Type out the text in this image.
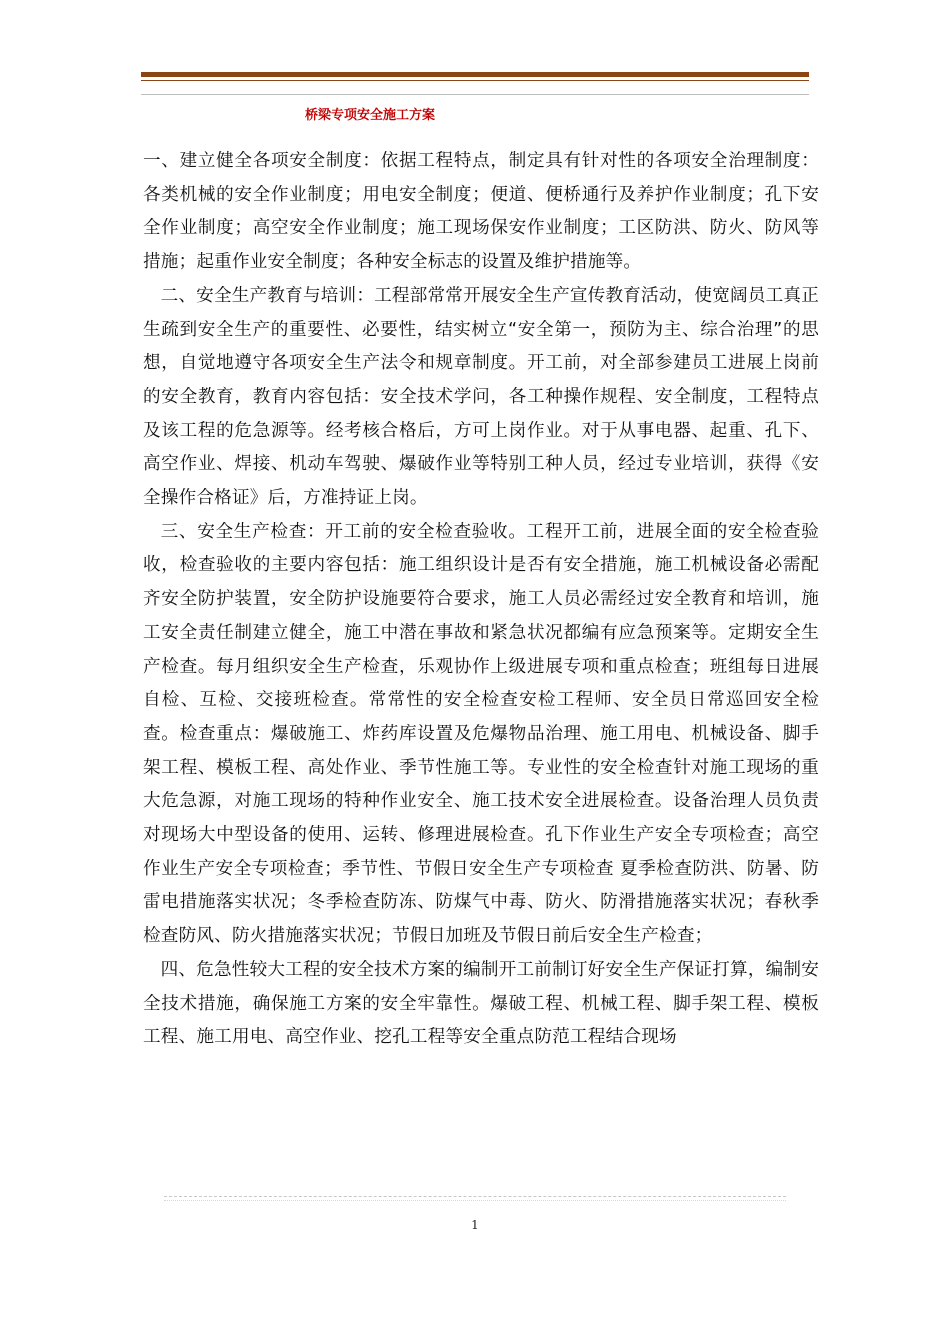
桥梁专项安全施工方案

一、建立健全各项安全制度：依据工程特点，制定具有针对性的各项安全治理制度：各类机械的安全作业制度；用电安全制度；便道、便桥通行及养护作业制度；孔下安全作业制度；高空安全作业制度；施工现场保安作业制度；工区防洪、防火、防风等措施；起重作业安全制度；各种安全标志的设置及维护措施等。

二、安全生产教育与培训：工程部常常开展安全生产宣传教育活动，使宽阔员工真正生疏到安全生产的重要性、必要性，结实树立“安全第一，预防为主、综合治理”的思想，自觉地遵守各项安全生产法令和规章制度。开工前，对全部参建员工进展上岗前的安全教育，教育内容包括：安全技术学问，各工种操作规程、安全制度，工程特点及该工程的危急源等。经考核合格后，方可上岗作业。对于从事电器、起重、孔下、高空作业、焊接、机动车驾驶、爆破作业等特别工种人员，经过专业培训，获得《安全操作合格证》后，方准持证上岗。

三、安全生产检查：开工前的安全检查验收。工程开工前，进展全面的安全检查验收，检查验收的主要内容包括：施工组织设计是否有安全措施，施工机械设备必需配齐安全防护装置，安全防护设施要符合要求，施工人员必需经过安全教育和培训，施工安全责任制建立健全，施工中潜在事故和紧急状况都编有应急预案等。定期安全生产检查。每月组织安全生产检查，乐观协作上级进展专项和重点检查；班组每日进展自检、互检、交接班检查。常常性的安全检查安检工程师、安全员日常巡回安全检查。检查重点：爆破施工、炸药库设置及危爆物品治理、施工用电、机械设备、脚手架工程、模板工程、高处作业、季节性施工等。专业性的安全检查针对施工现场的重大危急源，对施工现场的特种作业安全、施工技术安全进展检查。设备治理人员负责对现场大中型设备的使用、运转、修理进展检查。孔下作业生产安全专项检查；高空作业生产安全专项检查；季节性、节假日安全生产专项检查 夏季检查防洪、防暑、防雷电措施落实状况；冬季检查防冻、防煤气中毒、防火、防滑措施落实状况；春秋季检查防风、防火措施落实状况；节假日加班及节假日前后安全生产检查；

四、危急性较大工程的安全技术方案的编制开工前制订好安全生产保证打算，编制安全技术措施，确保施工方案的安全牢靠性。爆破工程、机械工程、脚手架工程、模板工程、施工用电、高空作业、挖孔工程等安全重点防范工程结合现场

1
